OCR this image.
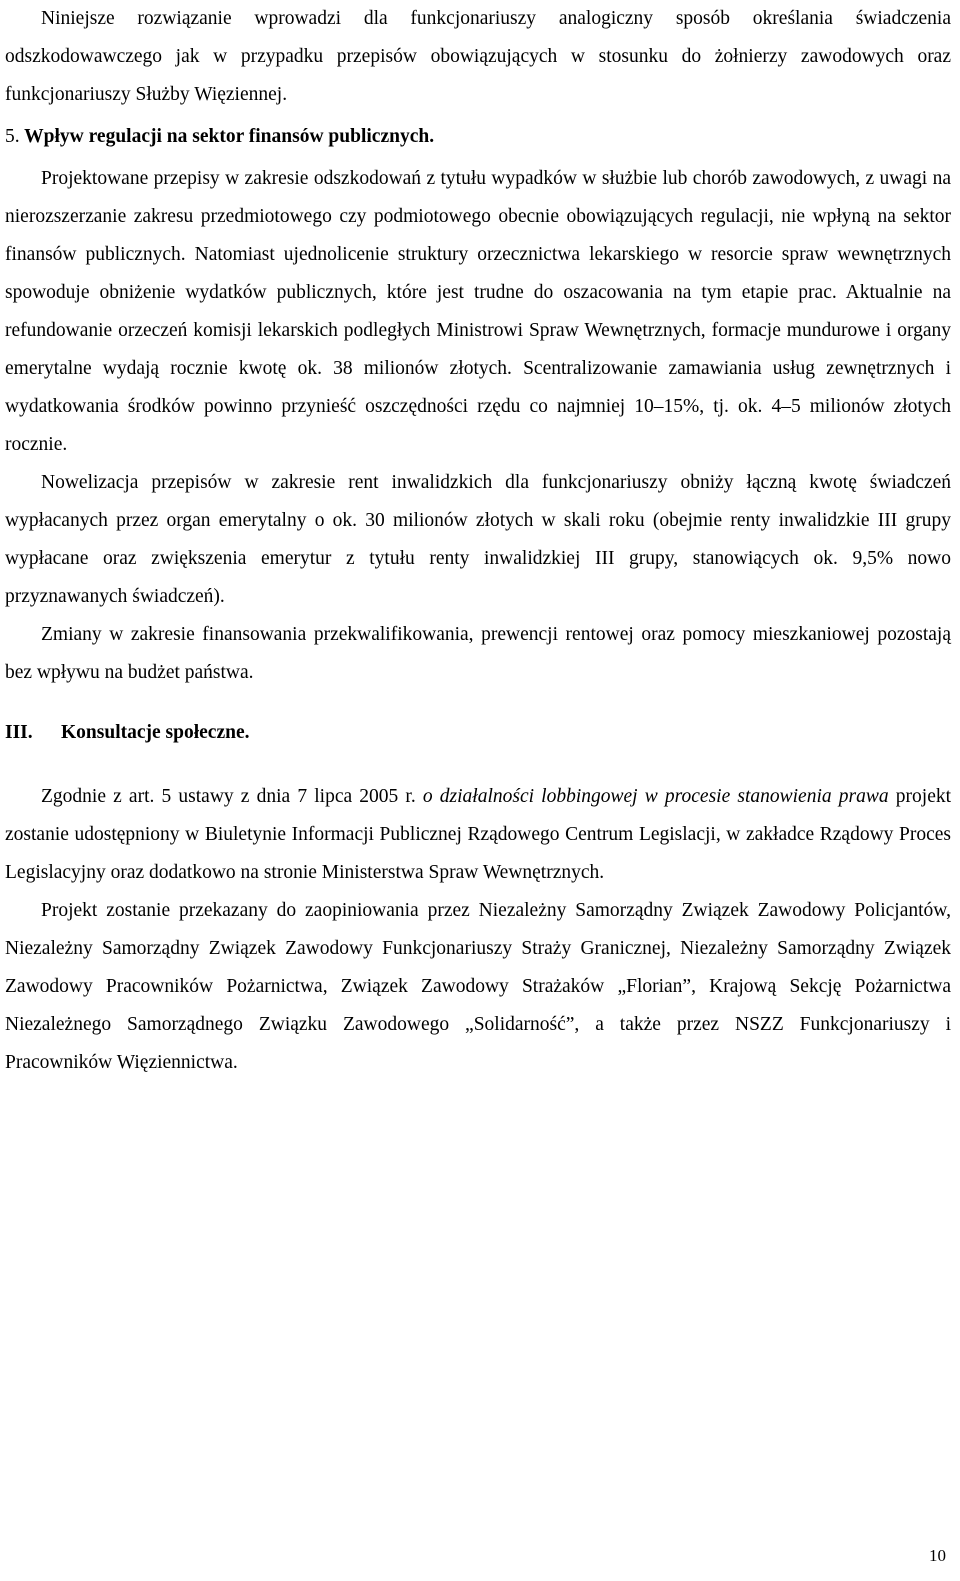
Niniejsze rozwiązanie wprowadzi dla funkcjonariuszy analogiczny sposób określania świadczenia odszkodowawczego jak w przypadku przepisów obowiązujących w stosunku do żołnierzy zawodowych oraz funkcjonariuszy Służby Więziennej.

5. Wpływ regulacji na sektor finansów publicznych.

Projektowane przepisy w zakresie odszkodowań z tytułu wypadków w służbie lub chorób zawodowych, z uwagi na nierozszerzanie zakresu przedmiotowego czy podmiotowego obecnie obowiązujących regulacji, nie wpłyną na sektor finansów publicznych. Natomiast ujednolicenie struktury orzecznictwa lekarskiego w resorcie spraw wewnętrznych spowoduje obniżenie wydatków publicznych, które jest trudne do oszacowania na tym etapie prac. Aktualnie na refundowanie orzeczeń komisji lekarskich podległych Ministrowi Spraw Wewnętrznych, formacje mundurowe i organy emerytalne wydają rocznie kwotę ok. 38 milionów złotych. Scentralizowanie zamawiania usług zewnętrznych i wydatkowania środków powinno przynieść oszczędności rzędu co najmniej 10–15%, tj. ok. 4–5 milionów złotych rocznie.

Nowelizacja przepisów w zakresie rent inwalidzkich dla funkcjonariuszy obniży łączną kwotę świadczeń wypłacanych przez organ emerytalny o ok. 30 milionów złotych w skali roku (obejmie renty inwalidzkie III grupy wypłacane oraz zwiększenia emerytur z tytułu renty inwalidzkiej III grupy, stanowiących ok. 9,5% nowo przyznawanych świadczeń).

Zmiany w zakresie finansowania przekwalifikowania, prewencji rentowej oraz pomocy mieszkaniowej pozostają bez wpływu na budżet państwa.

III. Konsultacje społeczne.

Zgodnie z art. 5 ustawy z dnia 7 lipca 2005 r. o działalności lobbingowej w procesie stanowienia prawa projekt zostanie udostępniony w Biuletynie Informacji Publicznej Rządowego Centrum Legislacji, w zakładce Rządowy Proces Legislacyjny oraz dodatkowo na stronie Ministerstwa Spraw Wewnętrznych.

Projekt zostanie przekazany do zaopiniowania przez Niezależny Samorządny Związek Zawodowy Policjantów, Niezależny Samorządny Związek Zawodowy Funkcjonariuszy Straży Granicznej, Niezależny Samorządny Związek Zawodowy Pracowników Pożarnictwa, Związek Zawodowy Strażaków „Florian”, Krajową Sekcję Pożarnictwa Niezależnego Samorządnego Związku Zawodowego „Solidarność”, a także przez NSZZ Funkcjonariuszy i Pracowników Więziennictwa.

10
